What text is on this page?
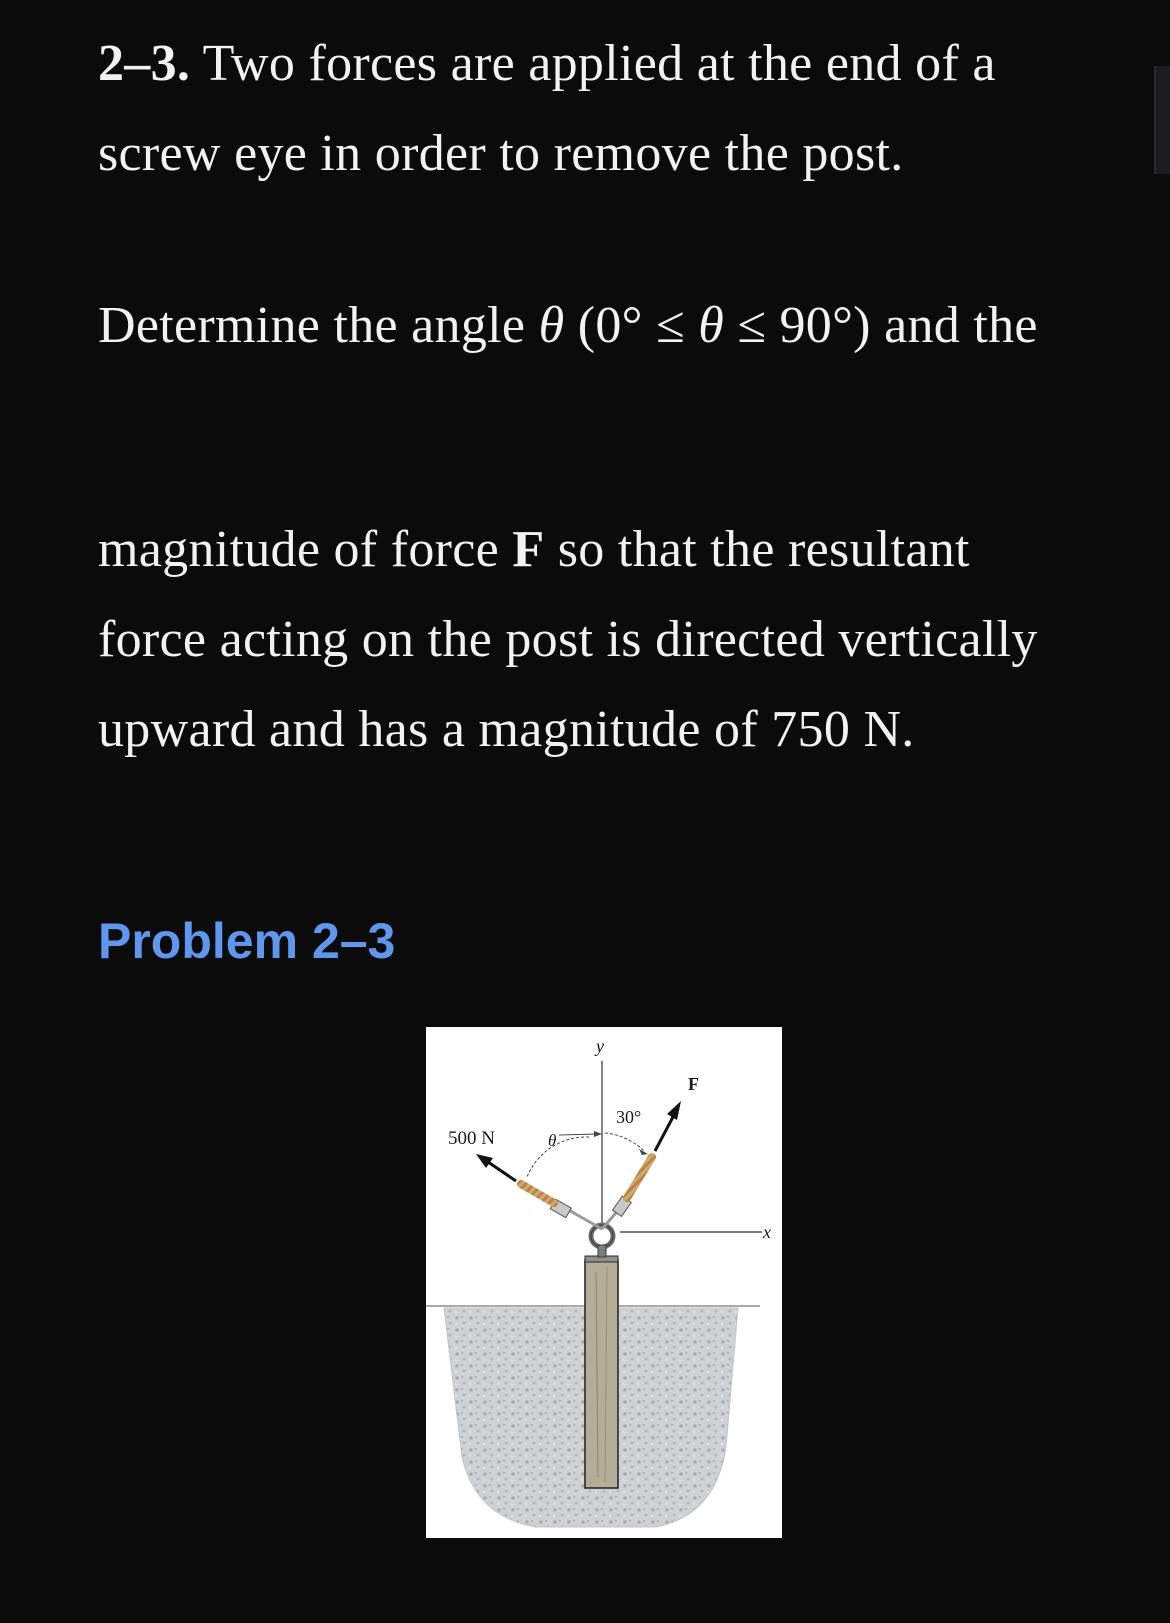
2–3. Two forces are applied at the end of a
screw eye in order to remove the post.
Determine the angle θ (0° ≤ θ ≤ 90°) and the
magnitude of force F so that the resultant
force acting on the post is directed vertically
upward and has a magnitude of 750 N.
Problem 2–3
y
x
500 N
F
θ
30°
